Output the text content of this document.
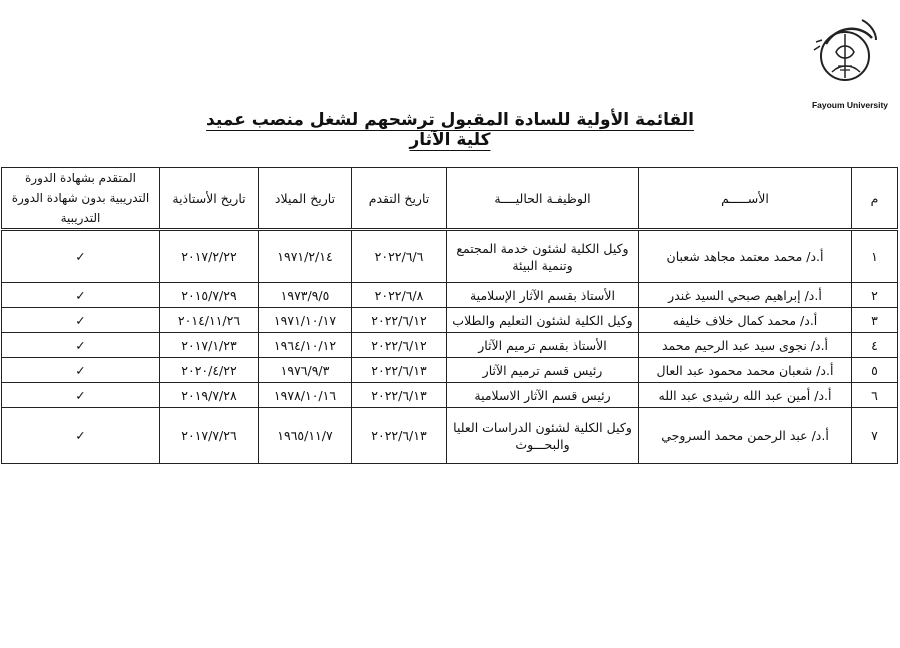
Fayoum University
القائمة الأولية للسادة المقبول ترشحهم لشغل منصب عميد كلية الآثار
م	الأســـــم	الوظيفـة الحاليــــة	تاريخ التقدم	تاريخ الميلاد	تاريخ الأستاذية	المتقدم بشهادة الدورة التدريبية بدون شهادة الدورة التدريبية
١	أ.د/ محمد معتمد مجاهد شعبان	وكيل الكلية لشئون خدمة المجتمع وتنمية البيئة	٢٠٢٢/٦/٦	١٩٧١/٢/١٤	٢٠١٧/٢/٢٢	✓
٢	أ.د/ إبراهيم صبحي السيد غندر	الأستاذ بقسم الآثار الإسلامية	٢٠٢٢/٦/٨	١٩٧٣/٩/٥	٢٠١٥/٧/٢٩	✓
٣	أ.د/ محمد كمال خلاف خليفه	وكيل الكلية لشئون التعليم والطلاب	٢٠٢٢/٦/١٢	١٩٧١/١٠/١٧	٢٠١٤/١١/٢٦	✓
٤	أ.د/ نجوى سيد عبد الرحيم محمد	الأستاذ بقسم ترميم الآثار	٢٠٢٢/٦/١٢	١٩٦٤/١٠/١٢	٢٠١٧/١/٢٣	✓
٥	أ.د/ شعبان محمد محمود عبد العال	رئيس قسم ترميم الآثار	٢٠٢٢/٦/١٣	١٩٧٦/٩/٣	٢٠٢٠/٤/٢٢	✓
٦	أ.د/ أمين عبد الله رشيدى عبد الله	رئيس قسم الآثار الاسلامية	٢٠٢٢/٦/١٣	١٩٧٨/١٠/١٦	٢٠١٩/٧/٢٨	✓
٧	أ.د/ عبد الرحمن محمد السروجي	وكيل الكلية لشئون الدراسات العليا والبحـــوث	٢٠٢٢/٦/١٣	١٩٦٥/١١/٧	٢٠١٧/٧/٢٦	✓
